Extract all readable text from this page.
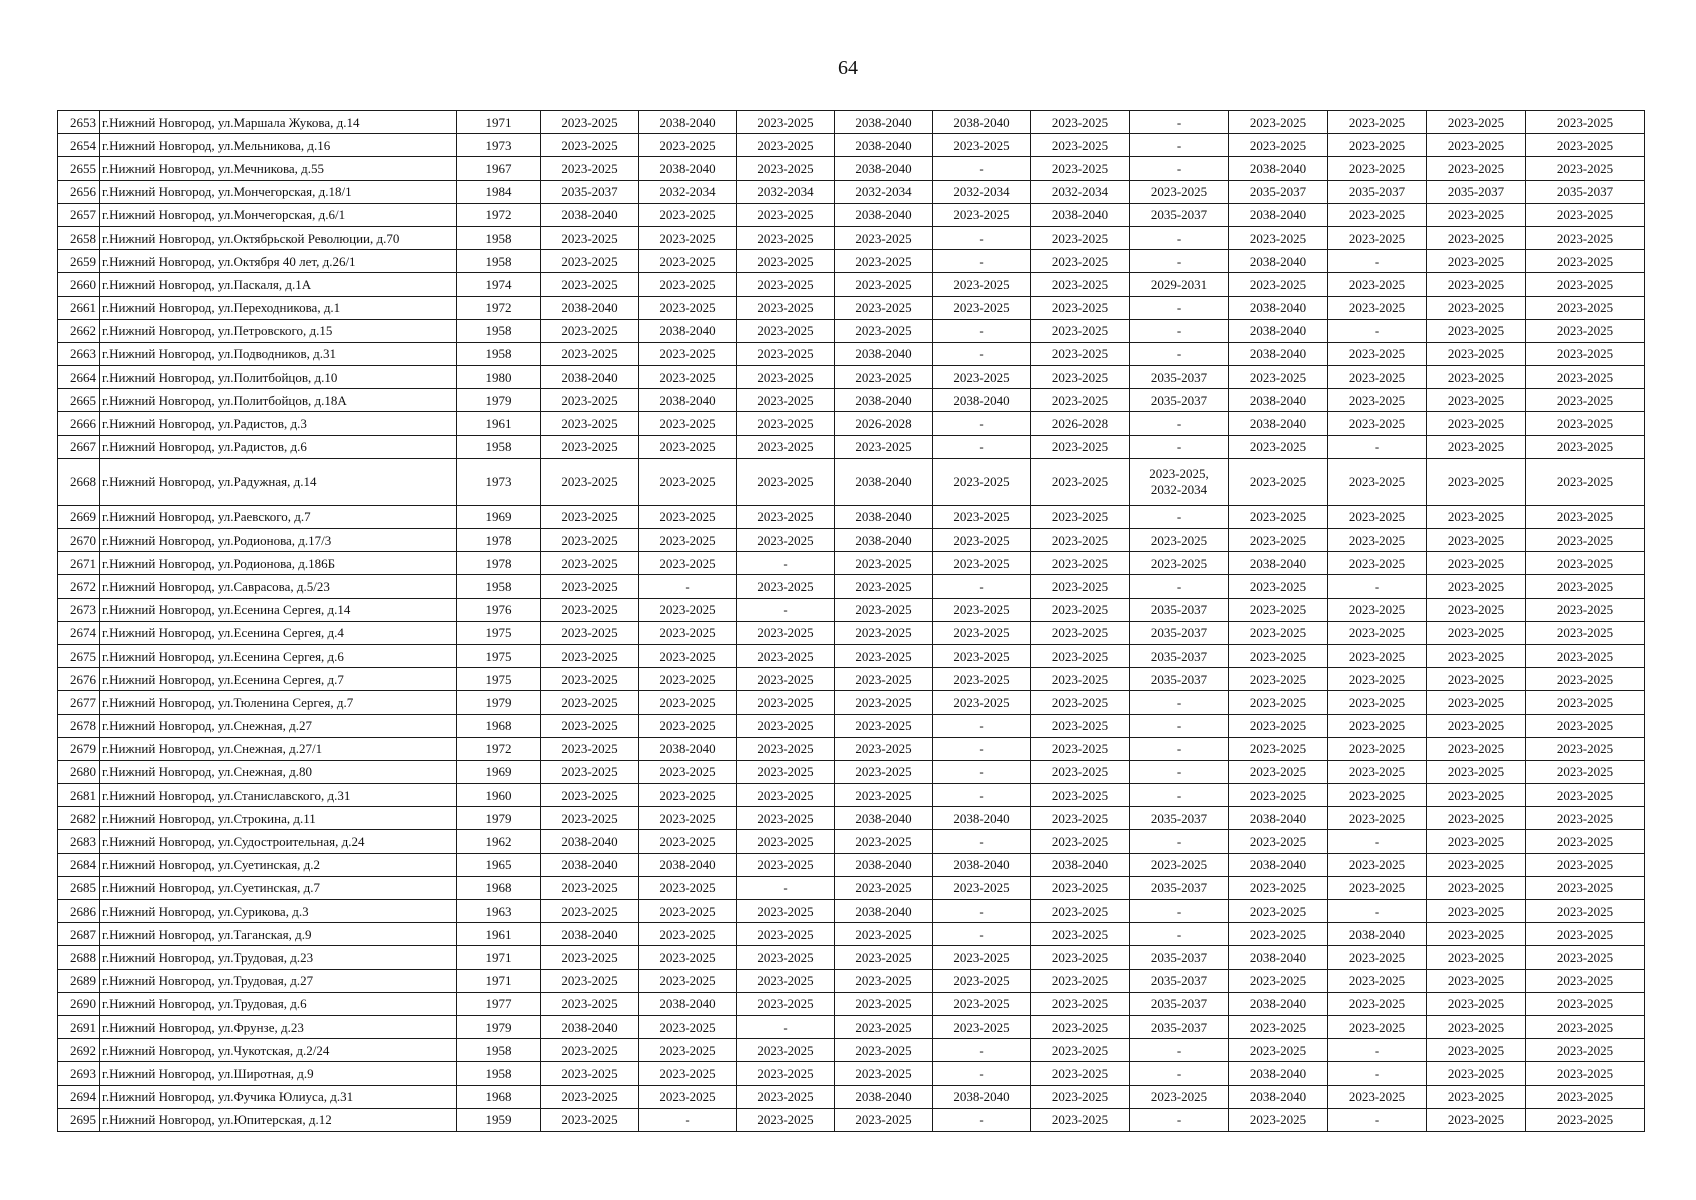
64
2653	г.Нижний Новгород, ул.Маршала Жукова, д.14	1971	2023-2025	2038-2040	2023-2025	2038-2040	2038-2040	2023-2025	-	2023-2025	2023-2025	2023-2025	2023-2025
2654	г.Нижний Новгород, ул.Мельникова, д.16	1973	2023-2025	2023-2025	2023-2025	2038-2040	2023-2025	2023-2025	-	2023-2025	2023-2025	2023-2025	2023-2025
2655	г.Нижний Новгород, ул.Мечникова, д.55	1967	2023-2025	2038-2040	2023-2025	2038-2040	-	2023-2025	-	2038-2040	2023-2025	2023-2025	2023-2025
2656	г.Нижний Новгород, ул.Мончегорская, д.18/1	1984	2035-2037	2032-2034	2032-2034	2032-2034	2032-2034	2032-2034	2023-2025	2035-2037	2035-2037	2035-2037	2035-2037
2657	г.Нижний Новгород, ул.Мончегорская, д.6/1	1972	2038-2040	2023-2025	2023-2025	2038-2040	2023-2025	2038-2040	2035-2037	2038-2040	2023-2025	2023-2025	2023-2025
2658	г.Нижний Новгород, ул.Октябрьской Революции, д.70	1958	2023-2025	2023-2025	2023-2025	2023-2025	-	2023-2025	-	2023-2025	2023-2025	2023-2025	2023-2025
2659	г.Нижний Новгород, ул.Октября 40 лет, д.26/1	1958	2023-2025	2023-2025	2023-2025	2023-2025	-	2023-2025	-	2038-2040	-	2023-2025	2023-2025
2660	г.Нижний Новгород, ул.Паскаля, д.1А	1974	2023-2025	2023-2025	2023-2025	2023-2025	2023-2025	2023-2025	2029-2031	2023-2025	2023-2025	2023-2025	2023-2025
2661	г.Нижний Новгород, ул.Переходникова, д.1	1972	2038-2040	2023-2025	2023-2025	2023-2025	2023-2025	2023-2025	-	2038-2040	2023-2025	2023-2025	2023-2025
2662	г.Нижний Новгород, ул.Петровского, д.15	1958	2023-2025	2038-2040	2023-2025	2023-2025	-	2023-2025	-	2038-2040	-	2023-2025	2023-2025
2663	г.Нижний Новгород, ул.Подводников, д.31	1958	2023-2025	2023-2025	2023-2025	2038-2040	-	2023-2025	-	2038-2040	2023-2025	2023-2025	2023-2025
2664	г.Нижний Новгород, ул.Политбойцов, д.10	1980	2038-2040	2023-2025	2023-2025	2023-2025	2023-2025	2023-2025	2035-2037	2023-2025	2023-2025	2023-2025	2023-2025
2665	г.Нижний Новгород, ул.Политбойцов, д.18А	1979	2023-2025	2038-2040	2023-2025	2038-2040	2038-2040	2023-2025	2035-2037	2038-2040	2023-2025	2023-2025	2023-2025
2666	г.Нижний Новгород, ул.Радистов, д.3	1961	2023-2025	2023-2025	2023-2025	2026-2028	-	2026-2028	-	2038-2040	2023-2025	2023-2025	2023-2025
2667	г.Нижний Новгород, ул.Радистов, д.6	1958	2023-2025	2023-2025	2023-2025	2023-2025	-	2023-2025	-	2023-2025	-	2023-2025	2023-2025
2668	г.Нижний Новгород, ул.Радужная, д.14	1973	2023-2025	2023-2025	2023-2025	2038-2040	2023-2025	2023-2025	2023-2025,
2032-2034	2023-2025	2023-2025	2023-2025	2023-2025
2669	г.Нижний Новгород, ул.Раевского, д.7	1969	2023-2025	2023-2025	2023-2025	2038-2040	2023-2025	2023-2025	-	2023-2025	2023-2025	2023-2025	2023-2025
2670	г.Нижний Новгород, ул.Родионова, д.17/3	1978	2023-2025	2023-2025	2023-2025	2038-2040	2023-2025	2023-2025	2023-2025	2023-2025	2023-2025	2023-2025	2023-2025
2671	г.Нижний Новгород, ул.Родионова, д.186Б	1978	2023-2025	2023-2025	-	2023-2025	2023-2025	2023-2025	2023-2025	2038-2040	2023-2025	2023-2025	2023-2025
2672	г.Нижний Новгород, ул.Саврасова, д.5/23	1958	2023-2025	-	2023-2025	2023-2025	-	2023-2025	-	2023-2025	-	2023-2025	2023-2025
2673	г.Нижний Новгород, ул.Есенина Сергея, д.14	1976	2023-2025	2023-2025	-	2023-2025	2023-2025	2023-2025	2035-2037	2023-2025	2023-2025	2023-2025	2023-2025
2674	г.Нижний Новгород, ул.Есенина Сергея, д.4	1975	2023-2025	2023-2025	2023-2025	2023-2025	2023-2025	2023-2025	2035-2037	2023-2025	2023-2025	2023-2025	2023-2025
2675	г.Нижний Новгород, ул.Есенина Сергея, д.6	1975	2023-2025	2023-2025	2023-2025	2023-2025	2023-2025	2023-2025	2035-2037	2023-2025	2023-2025	2023-2025	2023-2025
2676	г.Нижний Новгород, ул.Есенина Сергея, д.7	1975	2023-2025	2023-2025	2023-2025	2023-2025	2023-2025	2023-2025	2035-2037	2023-2025	2023-2025	2023-2025	2023-2025
2677	г.Нижний Новгород, ул.Тюленина Сергея, д.7	1979	2023-2025	2023-2025	2023-2025	2023-2025	2023-2025	2023-2025	-	2023-2025	2023-2025	2023-2025	2023-2025
2678	г.Нижний Новгород, ул.Снежная, д.27	1968	2023-2025	2023-2025	2023-2025	2023-2025	-	2023-2025	-	2023-2025	2023-2025	2023-2025	2023-2025
2679	г.Нижний Новгород, ул.Снежная, д.27/1	1972	2023-2025	2038-2040	2023-2025	2023-2025	-	2023-2025	-	2023-2025	2023-2025	2023-2025	2023-2025
2680	г.Нижний Новгород, ул.Снежная, д.80	1969	2023-2025	2023-2025	2023-2025	2023-2025	-	2023-2025	-	2023-2025	2023-2025	2023-2025	2023-2025
2681	г.Нижний Новгород, ул.Станиславского, д.31	1960	2023-2025	2023-2025	2023-2025	2023-2025	-	2023-2025	-	2023-2025	2023-2025	2023-2025	2023-2025
2682	г.Нижний Новгород, ул.Строкина, д.11	1979	2023-2025	2023-2025	2023-2025	2038-2040	2038-2040	2023-2025	2035-2037	2038-2040	2023-2025	2023-2025	2023-2025
2683	г.Нижний Новгород, ул.Судостроительная, д.24	1962	2038-2040	2023-2025	2023-2025	2023-2025	-	2023-2025	-	2023-2025	-	2023-2025	2023-2025
2684	г.Нижний Новгород, ул.Суетинская, д.2	1965	2038-2040	2038-2040	2023-2025	2038-2040	2038-2040	2038-2040	2023-2025	2038-2040	2023-2025	2023-2025	2023-2025
2685	г.Нижний Новгород, ул.Суетинская, д.7	1968	2023-2025	2023-2025	-	2023-2025	2023-2025	2023-2025	2035-2037	2023-2025	2023-2025	2023-2025	2023-2025
2686	г.Нижний Новгород, ул.Сурикова, д.3	1963	2023-2025	2023-2025	2023-2025	2038-2040	-	2023-2025	-	2023-2025	-	2023-2025	2023-2025
2687	г.Нижний Новгород, ул.Таганская, д.9	1961	2038-2040	2023-2025	2023-2025	2023-2025	-	2023-2025	-	2023-2025	2038-2040	2023-2025	2023-2025
2688	г.Нижний Новгород, ул.Трудовая, д.23	1971	2023-2025	2023-2025	2023-2025	2023-2025	2023-2025	2023-2025	2035-2037	2038-2040	2023-2025	2023-2025	2023-2025
2689	г.Нижний Новгород, ул.Трудовая, д.27	1971	2023-2025	2023-2025	2023-2025	2023-2025	2023-2025	2023-2025	2035-2037	2023-2025	2023-2025	2023-2025	2023-2025
2690	г.Нижний Новгород, ул.Трудовая, д.6	1977	2023-2025	2038-2040	2023-2025	2023-2025	2023-2025	2023-2025	2035-2037	2038-2040	2023-2025	2023-2025	2023-2025
2691	г.Нижний Новгород, ул.Фрунзе, д.23	1979	2038-2040	2023-2025	-	2023-2025	2023-2025	2023-2025	2035-2037	2023-2025	2023-2025	2023-2025	2023-2025
2692	г.Нижний Новгород, ул.Чукотская, д.2/24	1958	2023-2025	2023-2025	2023-2025	2023-2025	-	2023-2025	-	2023-2025	-	2023-2025	2023-2025
2693	г.Нижний Новгород, ул.Широтная, д.9	1958	2023-2025	2023-2025	2023-2025	2023-2025	-	2023-2025	-	2038-2040	-	2023-2025	2023-2025
2694	г.Нижний Новгород, ул.Фучика Юлиуса, д.31	1968	2023-2025	2023-2025	2023-2025	2038-2040	2038-2040	2023-2025	2023-2025	2038-2040	2023-2025	2023-2025	2023-2025
2695	г.Нижний Новгород, ул.Юпитерская, д.12	1959	2023-2025	-	2023-2025	2023-2025	-	2023-2025	-	2023-2025	-	2023-2025	2023-2025
